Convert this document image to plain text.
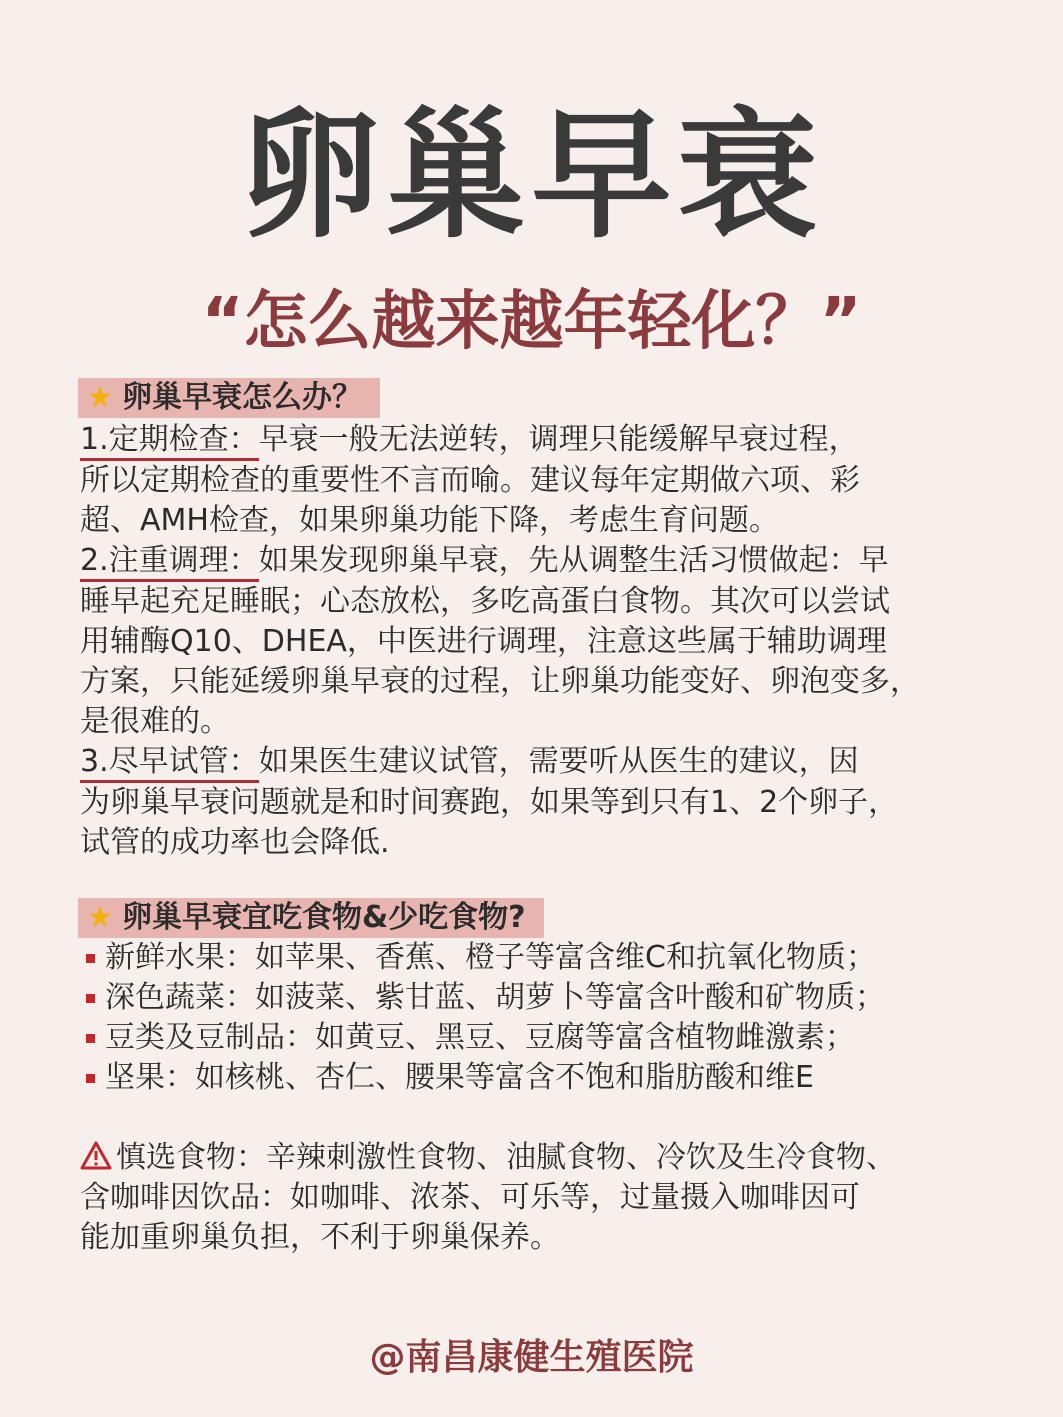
卵巢早衰
“怎么越来越年轻化？”
★ 卵巢早衰怎么办？

1.定期检查：早衰一般无法逆转，调理只能缓解早衰过程，
所以定期检查的重要性不言而喻。建议每年定期做六项、彩
超、AMH检查，如果卵巢功能下降，考虑生育问题。

2.注重调理：如果发现卵巢早衰，先从调整生活习惯做起：早
睡早起充足睡眠；心态放松，多吃高蛋白食物。其次可以尝试
用辅酶Q10、DHEA，中医进行调理，注意这些属于辅助调理
方案，只能延缓卵巢早衰的过程，让卵巢功能变好、卵泡变多，
是很难的。

3.尽早试管：如果医生建议试管，需要听从医生的建议，因
为卵巢早衰问题就是和时间赛跑，如果等到只有1、2个卵子，
试管的成功率也会降低.

★ 卵巢早衰宜吃食物&少吃食物?
新鲜水果：如苹果、香蕉、橙子等富含维C和抗氧化物质；
深色蔬菜：如菠菜、紫甘蓝、胡萝卜等富含叶酸和矿物质；
豆类及豆制品：如黄豆、黑豆、豆腐等富含植物雌激素；
坚果：如核桃、杏仁、腰果等富含不饱和脂肪酸和维E
慎选食物：辛辣刺激性食物、油腻食物、冷饮及生冷食物、
含咖啡因饮品：如咖啡、浓茶、可乐等，过量摄入咖啡因可
能加重卵巢负担，不利于卵巢保养。
@南昌康健生殖医院
